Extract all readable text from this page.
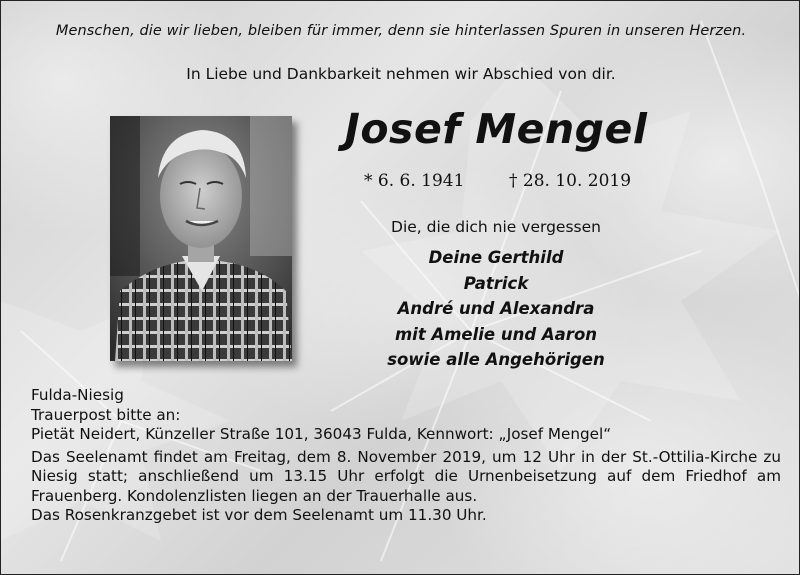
Menschen, die wir lieben, bleiben für immer, denn sie hinterlassen Spuren in unseren Herzen.
In Liebe und Dankbarkeit nehmen wir Abschied von dir.
Josef Mengel
* 6. 6. 1941	† 28. 10. 2019
Die, die dich nie vergessen
Deine Gerthild
Patrick
André und Alexandra
mit Amelie und Aaron
sowie alle Angehörigen
Fulda-Niesig
Trauerpost bitte an:
Pietät Neidert, Künzeller Straße 101, 36043 Fulda, Kennwort: „Josef Mengel“
Das Seelenamt findet am Freitag, dem 8. November 2019, um 12 Uhr in der St.-Ottilia-Kirche zu Niesig statt; anschließend um 13.15 Uhr erfolgt die Urnenbeisetzung auf dem Friedhof am Frauenberg. Kondolenzlisten liegen an der Trauerhalle aus.
Das Rosenkranzgebet ist vor dem Seelenamt um 11.30 Uhr.
